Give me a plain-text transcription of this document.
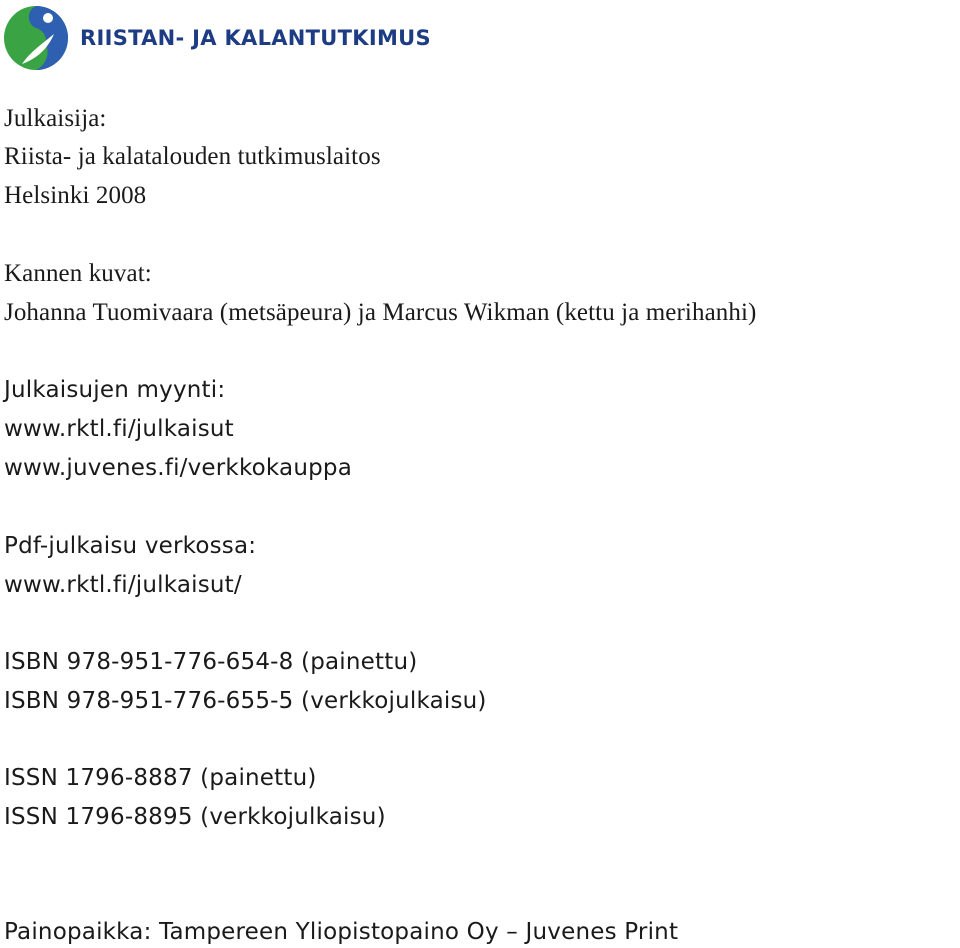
RIISTAN- JA KALANTUTKIMUS
Julkaisija:
Riista- ja kalatalouden tutkimuslaitos
Helsinki 2008
Kannen kuvat:
Johanna Tuomivaara (metsäpeura) ja Marcus Wikman (kettu ja merihanhi)
Julkaisujen myynti:
www.rktl.fi/julkaisut
www.juvenes.fi/verkkokauppa
Pdf-julkaisu verkossa:
www.rktl.fi/julkaisut/
ISBN 978-951-776-654-8 (painettu)
ISBN 978-951-776-655-5 (verkkojulkaisu)
ISSN 1796-8887 (painettu)
ISSN 1796-8895 (verkkojulkaisu)
Painopaikka: Tampereen Yliopistopaino Oy – Juvenes Print
